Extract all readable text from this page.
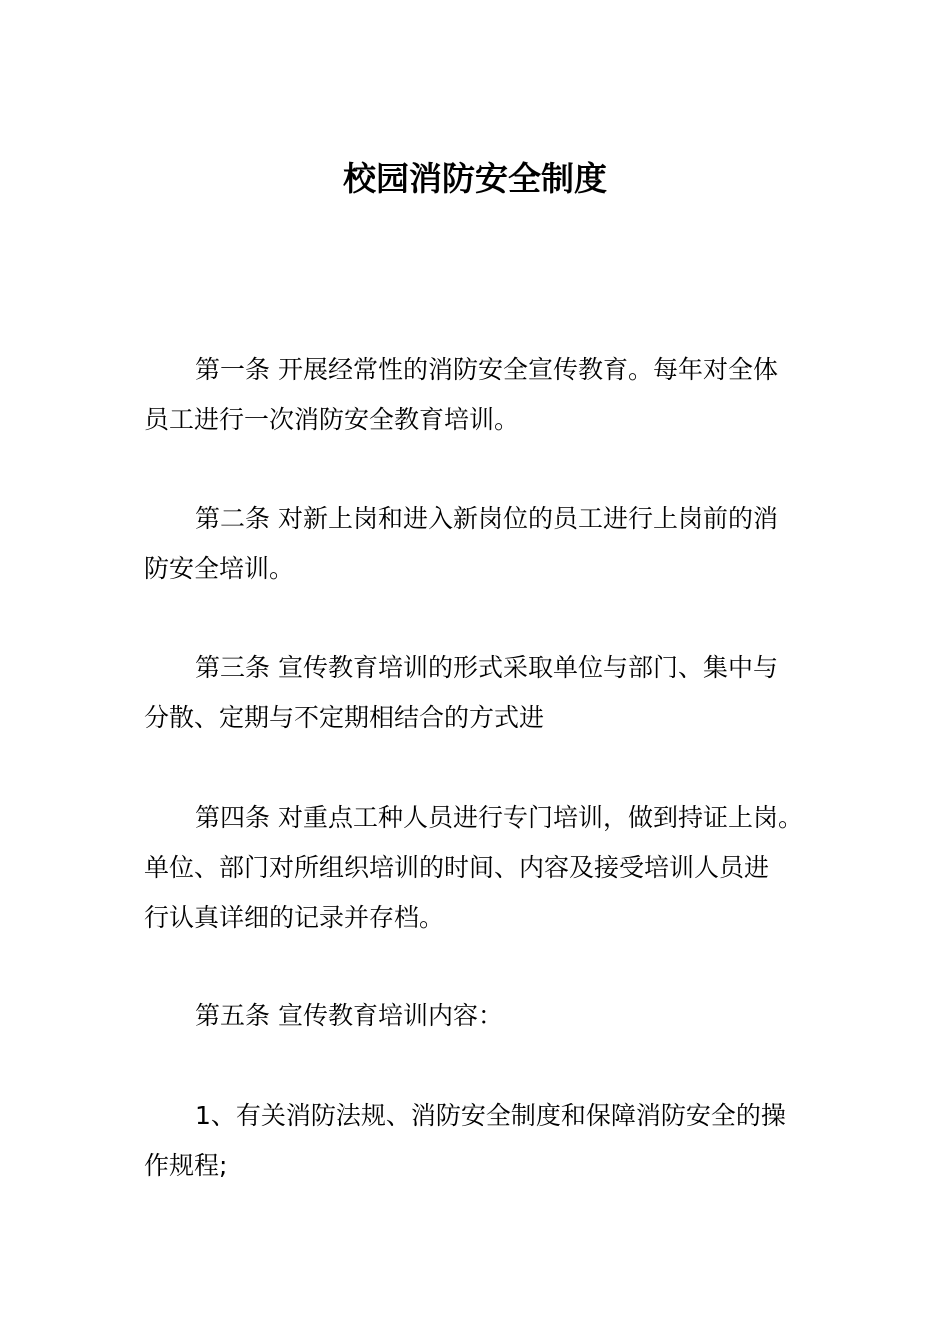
校园消防安全制度

第一条 开展经常性的消防安全宣传教育。每年对全体
员工进行一次消防安全教育培训。

第二条 对新上岗和进入新岗位的员工进行上岗前的消
防安全培训。

第三条 宣传教育培训的形式采取单位与部门、集中与
分散、定期与不定期相结合的方式进

第四条 对重点工种人员进行专门培训，做到持证上岗。
单位、部门对所组织培训的时间、内容及接受培训人员进
行认真详细的记录并存档。

第五条 宣传教育培训内容：

1、有关消防法规、消防安全制度和保障消防安全的操
作规程;
